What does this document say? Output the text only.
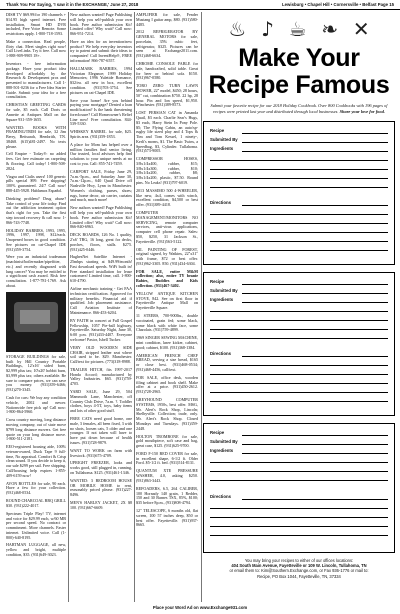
Thank You For Saying, 'I saw it in the EXCHANGE,' June 27, 2018	Lewisburg • Chapel Hill • Cornersville • Belfast Page 15

DISH TV $69.99/for 190 channels + $14.95 high speed internet. Free installation, Smart HD DVR included, Free Voice Remote. Some restrictions apply. 1-800-718-1593.

Make a connection. Real people, flirty chat. Meet singles right now! Call LiveLinks. Try it free. Call now 1-888-909-9905 18+.

Inventors - free information package. Have your product idea developed affordably by the Research & Development pros and presented to manufacturers. Call 1-888-501-0236 for a Free Idea Starter Guide. Submit your idea for a free consultation.

CHRISTIAN GREETING CARDS for sale, $5 each. Call Doris or Annette at Antiques Mall on the Square 931-359-1655.

WANTED: BOOKS WITH FRAMING/TRIM for sale, 32 Jim Berry, Bettsarah, Hembrith, TN. 38468. (615)481-2497. No texts please.

Cell Empire - Today®: no added fees. Get free estimate on carpeting & flooring. Call today! 1-800-508-2824.

Viagra and Cialis users! 100 generic pills special $99. Free shipping! 100% guaranteed. 24/7 Call now! 888-445-5928. Hablamos Español.

Drinking problem? Drug abuse? Take control of your life today. Find out the addiction treatment option that's right for you. Take the first step toward recovery & call now. 1-866-743-7748.

HOLIDAY BARBIES, 1993, 1995, 1996, 1997, 1998, $12/each. Unopened boxes in good condition. See pictures on cat-Chapel IDE (931)359-3754.

Were you an industrial tradesman (machinist/boilermaker/pipefitter, etc.) and recently diagnosed with lung cancer? You may be entitled to a significant cash award. Risk free consultation. 1-877-781-1769. Ask about.

STORAGE BUILDINGS for sale, built by Hill Country Portable Buildings, 12'x16' sided barn, $2,999 plus tax; 10'x20' hobbit barn, $3,999 plus tax; others available. Be sure to compare prices, we can save you money. (931)359-6466; (931)270-3345.

Cash for cars: We buy any condition vehicle, 2002 and newer. Nationwide free pick up! Call now: 1-800-864-5960.

Cross country moving, long distance moving company, out of state move $799 long distance movers. Get free quote on your long distance move. 1-800-511-2181.

EEO-registered housing aide, 100% veteran-owned, Duck Tape 9 full-time, No appraisal. Comfort & Crisp clean sound. If you decide to keep it, our sale $299 per sail. Free shipping. Call/housing help expires 1-855-409-6159 now!

AVON BOTTLES for sale, 90 each. Have a few for your collection. (931)468-0534.

ROUND CHARCOAL BBQ GRILL $30. (931)222-4017.

Spectrum Triple Play! TV, internet and voice for $29.99 each, w/60 MB per second speed. No contract or commitment. More channels. Faster internet. Unlimited voice. Call (1-800)-640-8195.

HARTMAN LUGGAGE, all new, yellow and bright, multiple condition, $35. (931)649-3023.

New authors wanted! Page Publishing will help you self-publish your own book. Free author submission Kit! Limited offer! Why wait? Call now: 866-951-7214.

Have an idea for an invention/new product? We help everyday inventors try to patent and submit their ideas to companies! Call InventHelp®, FREE information! 866-787-6557.

HALLMARK BARBIES, 1994 Victorian Elegance; 1999 Holiday Memories; 1996 Yuletide Romance, $32/ea. all new in box, excellent condition. (931)703-3754. See pictures on cat-Chapel IDE.

Save your home! Are you behind paying your mortgage? Denied a loan modification? Is the bank threatening foreclosure? Call Homeowner's Relief Line now! Free consultation. 844-539-5330.

WHISKEY BARREL for sale, $25. Spirits area. (931)359-1853.

A place for Mom has helped over a million families find senior living. Our trusted, local advisors help find solutions to your unique needs at no cost to you. Call: 855-741-7459.

CARPORT SALE, Friday June 29, 7a.m.-5p.m., and Saturday June 30, 7a.m.-12p.m., 640 Quail Drive off Nashville Hwy, Lynn in Manchester. Women's clothing, purses, shoes; rugs, home decor, air carrier, curtains and much, much more!

New authors wanted! Page Publishing will help you self-publish your own book. Free author submission Kit! Limited offer! Why wait? Call now: 866-840-6963.

DECK BOARDS, 126 No. 1 quality, 2'x6' TBG, 16 long, great for decks, porches, floors, stalls. $275. (931)425-0446.

HughesNet Satellite Internet - 25mbps starting at $49.99/month! Fast download speeds. WiFi built in! Free standard installation for lease customers! Limited time, call. 1-800-610-4790.

Airline mechanic training - Get FAA technician certification. Approved for military benefits. Financial aid if qualified. Job placement assistance. Call Aviation Institute of Maintenance. 866-453-6204.

BY FAITH in concert at Full Gospel Fellowship, 1057 Pie-ball highway, Fayetteville. Saturday Night, June 30, 6:00 p.m. (931)433-4407. Everyone welcome! Pastor, Isbell Tucker.

VERY OLD WOODEN SIDE CHAIR, stripped leather seat where soil used to be. $29. Manchester. Call/text for pictures. (773)318-8988.

TRAILER HITCH, fits 1997-2017 Honda Accord; manufactured by Valley Industries. $65. (931)759-4705.

YARD SALE, June 29, 504 Mammoth Lane, Manchester, off Country Club Drive, 7a.m. ?. Toddler clothes, boys 4-5T, toys, baby items and lots of other good stuff.

FREE CATS need good home, one male, 3 females, all been fixed, 3 with no shots, loosen cats, 5 older and one younger. If not taken will have to have put down because of health issues. (931)728-9879.

WANT TO WORK on farm with livestock. (931)675-4709.

UPRIGHT FREEZER, looks and works good, still plugged in, running, on Tullahoma. $125. (931)461-1346.

WANTED: 3 BEDROOM HOUSE OR MOBILE HOME to rent, reasonably priced please. (931)227-8496.

MEN'S HARLEY JACKET, 2X $8 100. (931)667-6609.

AMPLIFIER for sale, Fender Mustang I guitar amp, $80. (931)580-4485.

2012 REFRIGERATOR BY GENERAL MOTORS for sale, porcelain, 35% cubic feet, refrigerator, $325. Pictures can be seen at Exchange2011.com. (931)468-6634.

CHROME CONSOLE FABLE for sale, handcrafted, solid table. Great for beer or behind sofa. $150. (931)967-0580.

TORO ZERO TURN LAWN MOWER, 22" model, $450; 28 hours, 50" cut, combination $750. 22 hp, 28 hour. Pin and Ion speed, $1,950. Winchester. (931)389-8573.

LOST PERSIAN CAT in Amanda Quail, $3 each. Charlie Sear's Hugs, $3 each, Harry Stein In Pony Pole. $5; The Flying Cabin, an auto/sp-rugby life sized play and 4 Tops & Tim and Tom Kessel, 1 ninety-, Kerli's moms, $1. The Basic Twins, a Speedbag, $3, Cylinder. Tullahoma. (931)573-9005.

COMPRESSOR HOSES, 3/8x1/4x400, rubber, $15; 3/8x1/4x300, rubber, $10; 3/8x1/4x200, rubber, $8; 3/8x1/4x200, plastic, $7.50. Round pins. No Leaks! (931)797-6019.

2013 MASSIMO 500 4-WHEELER, like new, 4x4, comes with winch, excellent condition, $4,500 or best offer. (931)389-4418.

COMPUTER MANAGEMENT/MONITORS NO SERVICING, remote computer services, anti-virus applications, computer cell phone repair. Sales: $50, $250, 31 Jackson St., Fayetteville. (931)563-5122.

OIL PAINTING OF FOREST, original signed, by Watkins, 22"x31" with frame, $72 or best offer. (931)962-3305. 850. (931)434-6304.

FOR SALE, entire M&M collection; also, entire TY beanie Babies, Buddies and Kids collection. (931)467-3402.

YELLOW ANTIQUE KITCHEN STOVE, 842. See on first floor in Fayetteville Antique Mall on Fayetteville Square.

11 STEERS, 700-900lbs., double vaccinated, grain fed; some black, some black with white face, some Charolais. (931)759-4899.

1969 SINGER SEWING MACHINE, mint condition, knee kicker, cabinet, good; cabinet, $100. (931)368-1384.

AMERICAN FRENCH CHEF BREAD, serving a size bread, $165 or close best. (931)468-0534; (931)468-4456, call/text.

FOR SALE, office desk, wooden filing cabinet and book shelf. Make offer at a price. (931)450-2612. (931)728-2965.

GREYHOUND COMPUTER SYSTEMS, 1950s, best offer. MSG, Mr. Alert's Rock Shop, Lincoln; Shelbyville. Collection; trade, only. Mr. Alert's Rock Shop. Closed Mondays and Tuesdays. (931)359-2448.

HOLTON TROMBONE for sale, gold mouthpiece, soft case and bag, great case, $125. (931)625-9700.

FORD F-150 BED COVER for sale, in excellent shape, 6-1/2 ft. Older Ford. $5-1/2 ft. bed. (931)514-8131.

QUANTUM XTE PRESSURE WASHER, 4.0, asking $250. (931)863-3443.

REFOADERS, 6.5, 264 CALIBER, 100 Hornady 140 grain, 1 Redder, 150 and 30 Barnes TSX, 85%, $100; $35 before 8p.m., (931)808-4794.

12" TELESCOPE, 6 months old, flat screen, 100 57 inches deep, $50 or best offer. Fayetteville. (931)937-8665.

♨ ♪ ☕ ❧ ✕
Make Your
Recipe Famous
Submit your favorite recipe for our 2018 Holiday Cookbook. Over 800 Cookbooks with 196 pages of recipes were printed last year and distributed through local businesses. Share your love for food.
Recipe
Submitted By
Ingredients
Directions
Recipe
Submitted By
Ingredients
Directions
Recipe
Submitted By
Ingredients
Directions
You may bring your recipes to either of our offices locations:
404 South Main Avenue, Fayetteville or 109 W. Lincoln, Tullahoma, TN
or email them to: Kim@Southern.Exchange.com, or Fax 936-1776 or mail to:
Recipe, PO Box 1044, Fayetteville, TN, 37334
Place your Word Ad on www.Exchange931.com
